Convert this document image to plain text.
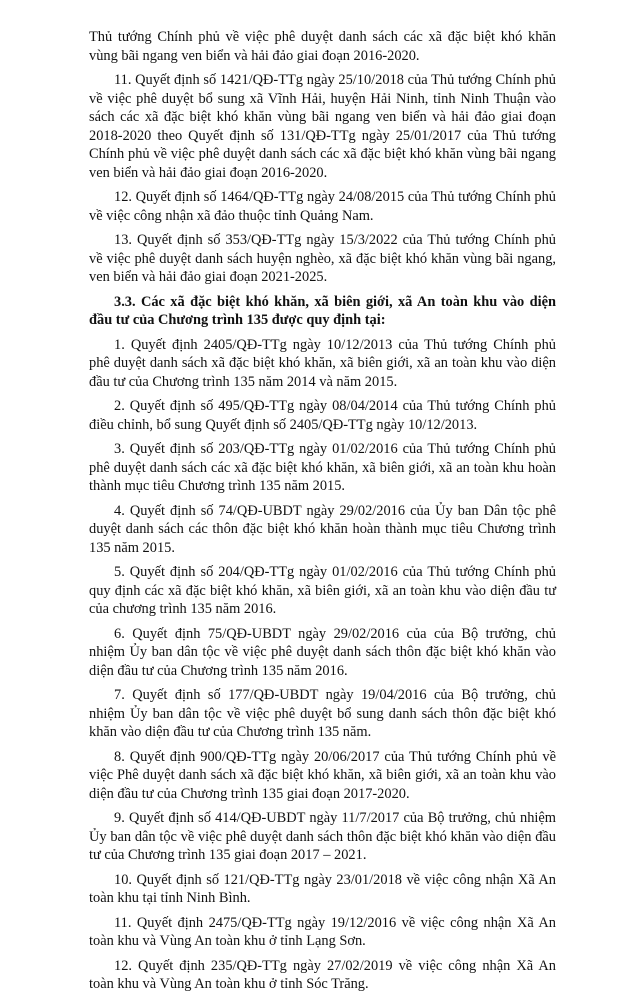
Thủ tướng Chính phủ về việc phê duyệt danh sách các xã đặc biệt khó khăn vùng bãi ngang ven biển và hải đảo giai đoạn 2016-2020.

11. Quyết định số 1421/QĐ-TTg ngày 25/10/2018 của Thủ tướng Chính phủ về việc phê duyệt bổ sung xã Vĩnh Hải, huyện Hải Ninh, tỉnh Ninh Thuận vào sách các xã đặc biệt khó khăn vùng bãi ngang ven biển và hải đảo giai đoạn 2018-2020 theo Quyết định số 131/QĐ-TTg ngày 25/01/2017 của Thủ tướng Chính phủ về việc phê duyệt danh sách các xã đặc biệt khó khăn vùng bãi ngang ven biển và hải đảo giai đoạn 2016-2020.

12. Quyết định số 1464/QĐ-TTg ngày 24/08/2015 của Thủ tướng Chính phủ về việc công nhận xã đảo thuộc tỉnh Quảng Nam.

13. Quyết định số 353/QĐ-TTg ngày 15/3/2022 của Thủ tướng Chính phủ về việc phê duyệt danh sách huyện nghèo, xã đặc biệt khó khăn vùng bãi ngang, ven biển và hải đảo giai đoạn 2021-2025.

3.3. Các xã đặc biệt khó khăn, xã biên giới, xã An toàn khu vào diện đầu tư của Chương trình 135 được quy định tại:

1. Quyết định 2405/QĐ-TTg ngày 10/12/2013 của Thủ tướng Chính phủ phê duyệt danh sách xã đặc biệt khó khăn, xã biên giới, xã an toàn khu vào diện đầu tư của Chương trình 135 năm 2014 và năm 2015.

2. Quyết định số 495/QĐ-TTg ngày 08/04/2014 của Thủ tướng Chính phủ điều chỉnh, bổ sung Quyết định số 2405/QĐ-TTg ngày 10/12/2013.

3. Quyết định số 203/QĐ-TTg ngày 01/02/2016 của Thủ tướng Chính phủ phê duyệt danh sách các xã đặc biệt khó khăn, xã biên giới, xã an toàn khu hoàn thành mục tiêu Chương trình 135 năm 2015.

4. Quyết định số 74/QĐ-UBDT ngày 29/02/2016 của Ủy ban Dân tộc phê duyệt danh sách các thôn đặc biệt khó khăn hoàn thành mục tiêu Chương trình 135 năm 2015.

5. Quyết định số 204/QĐ-TTg ngày 01/02/2016 của Thủ tướng Chính phủ quy định các xã đặc biệt khó khăn, xã biên giới, xã an toàn khu vào diện đầu tư của chương trình 135 năm 2016.

6. Quyết định 75/QĐ-UBDT ngày 29/02/2016 của của Bộ trưởng, chủ nhiệm Ủy ban dân tộc về việc phê duyệt danh sách thôn đặc biệt khó khăn vào diện đầu tư của Chương trình 135 năm 2016.

7. Quyết định số 177/QĐ-UBDT ngày 19/04/2016 của Bộ trưởng, chủ nhiệm Ủy ban dân tộc về việc phê duyệt bổ sung danh sách thôn đặc biệt khó khăn vào diện đầu tư của Chương trình 135 năm.

8. Quyết định 900/QĐ-TTg ngày 20/06/2017 của Thủ tướng Chính phủ về việc Phê duyệt danh sách xã đặc biệt khó khăn, xã biên giới, xã an toàn khu vào diện đầu tư của Chương trình 135 giai đoạn 2017-2020.

9. Quyết định số 414/QĐ-UBDT ngày 11/7/2017 của Bộ trưởng, chủ nhiệm Ủy ban dân tộc về việc phê duyệt danh sách thôn đặc biệt khó khăn vào diện đầu tư của Chương trình 135 giai đoạn 2017 – 2021.

10. Quyết định số 121/QĐ-TTg ngày 23/01/2018 về việc công nhận Xã An toàn khu tại tỉnh Ninh Bình.

11. Quyết định 2475/QĐ-TTg ngày 19/12/2016 về việc công nhận Xã An toàn khu và Vùng An toàn khu ở tỉnh Lạng Sơn.

12. Quyết định 235/QĐ-TTg ngày 27/02/2019 về việc công nhận Xã An toàn khu và Vùng An toàn khu ở tỉnh Sóc Trăng.
